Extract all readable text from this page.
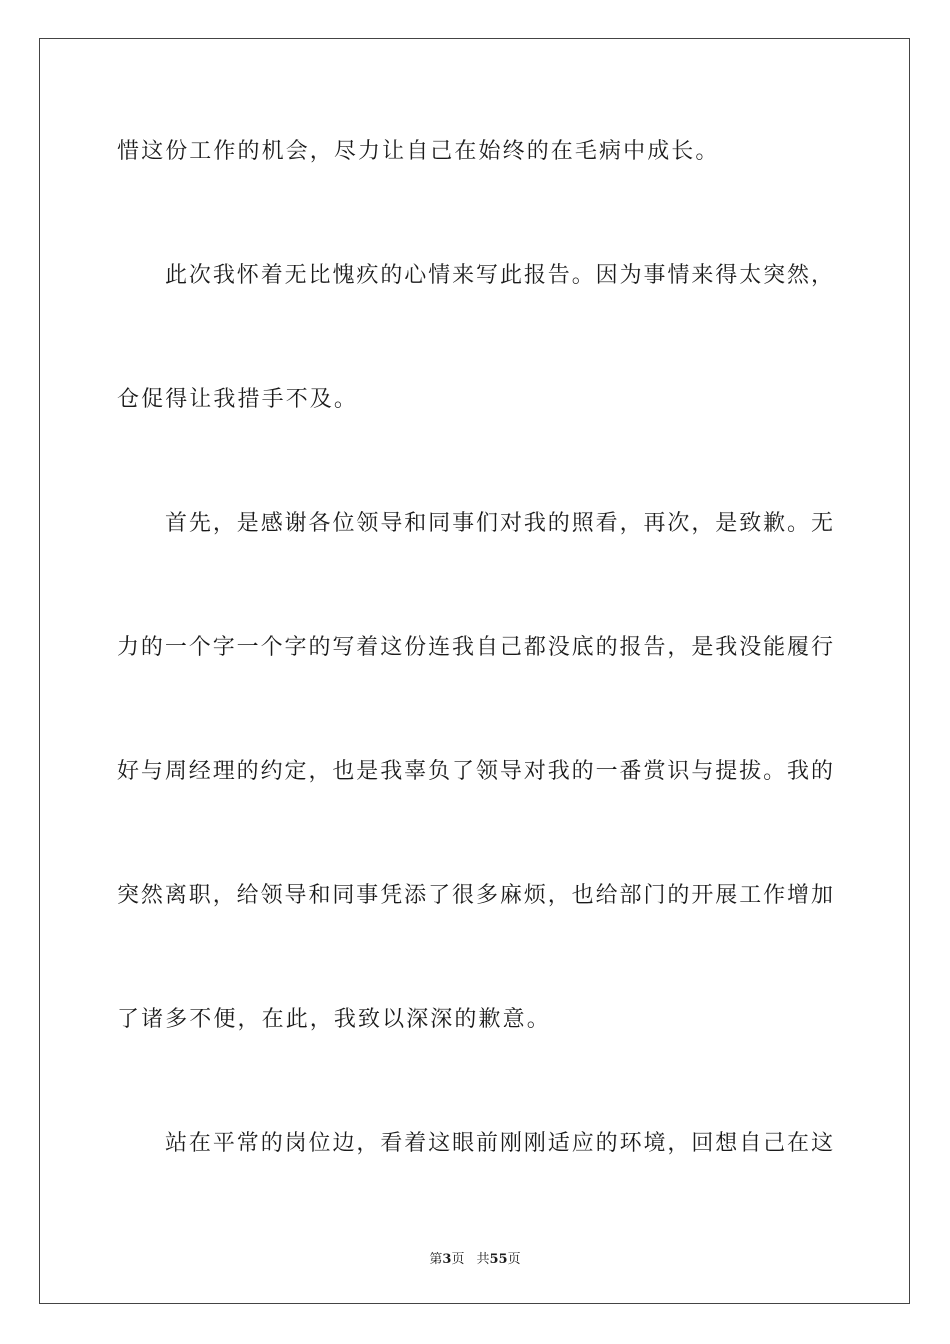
惜这份工作的机会，尽力让自己在始终的在毛病中成长。
此次我怀着无比愧疚的心情来写此报告。因为事情来得太突然，
仓促得让我措手不及。
首先，是感谢各位领导和同事们对我的照看，再次，是致歉。无
力的一个字一个字的写着这份连我自己都没底的报告，是我没能履行
好与周经理的约定，也是我辜负了领导对我的一番赏识与提拔。我的
突然离职，给领导和同事凭添了很多麻烦，也给部门的开展工作增加
了诸多不便，在此，我致以深深的歉意。
站在平常的岗位边，看着这眼前刚刚适应的环境，回想自己在这
第3页 共55页
